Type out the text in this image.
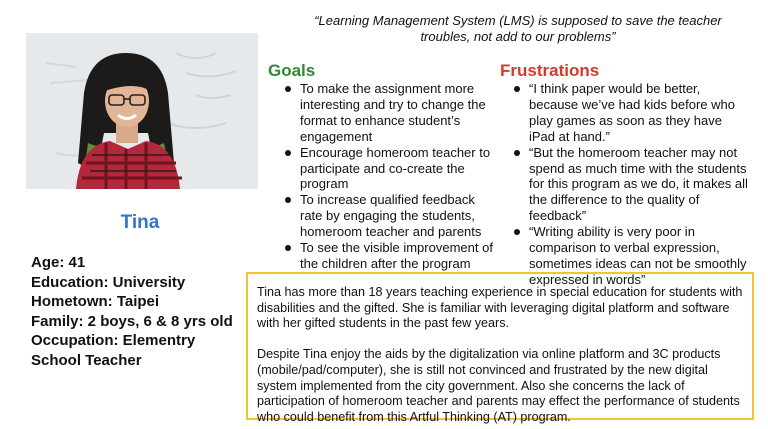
“Learning Management System (LMS) is supposed to save the teacher troubles, not add to our problems”
Tina
Age: 41
Education: University
Hometown: Taipei
Family: 2 boys, 6 & 8 yrs old
Occupation: Elementry
School Teacher
Goals
To make the assignment more interesting and try to change the format to enhance student’s engagement
Encourage homeroom teacher to participate and co-create the program
To increase qualified feedback rate by engaging the students, homeroom teacher and parents
To see the visible improvement of the children after the program
Frustrations
“I think paper would be better, because we’ve had kids before who play games as soon as they have iPad at hand.”
“But the homeroom teacher may not spend as much time with the students for this program as we do, it makes all the difference to the quality of feedback”
“Writing ability is very poor in comparison to verbal expression, sometimes ideas can not be smoothly expressed in words”

Tina has more than 18 years teaching experience in special education for students with disabilities and the gifted. She is familiar with leveraging digital platform and software with her gifted students in the past few years.

Despite Tina enjoy the aids by the digitalization via online platform and 3C products (mobile/pad/computer), she is still not convinced and frustrated by the new digital system implemented from the city government. Also she concerns the lack of participation of homeroom teacher and parents may effect the performance of students who could benefit from this Artful Thinking (AT) program.
